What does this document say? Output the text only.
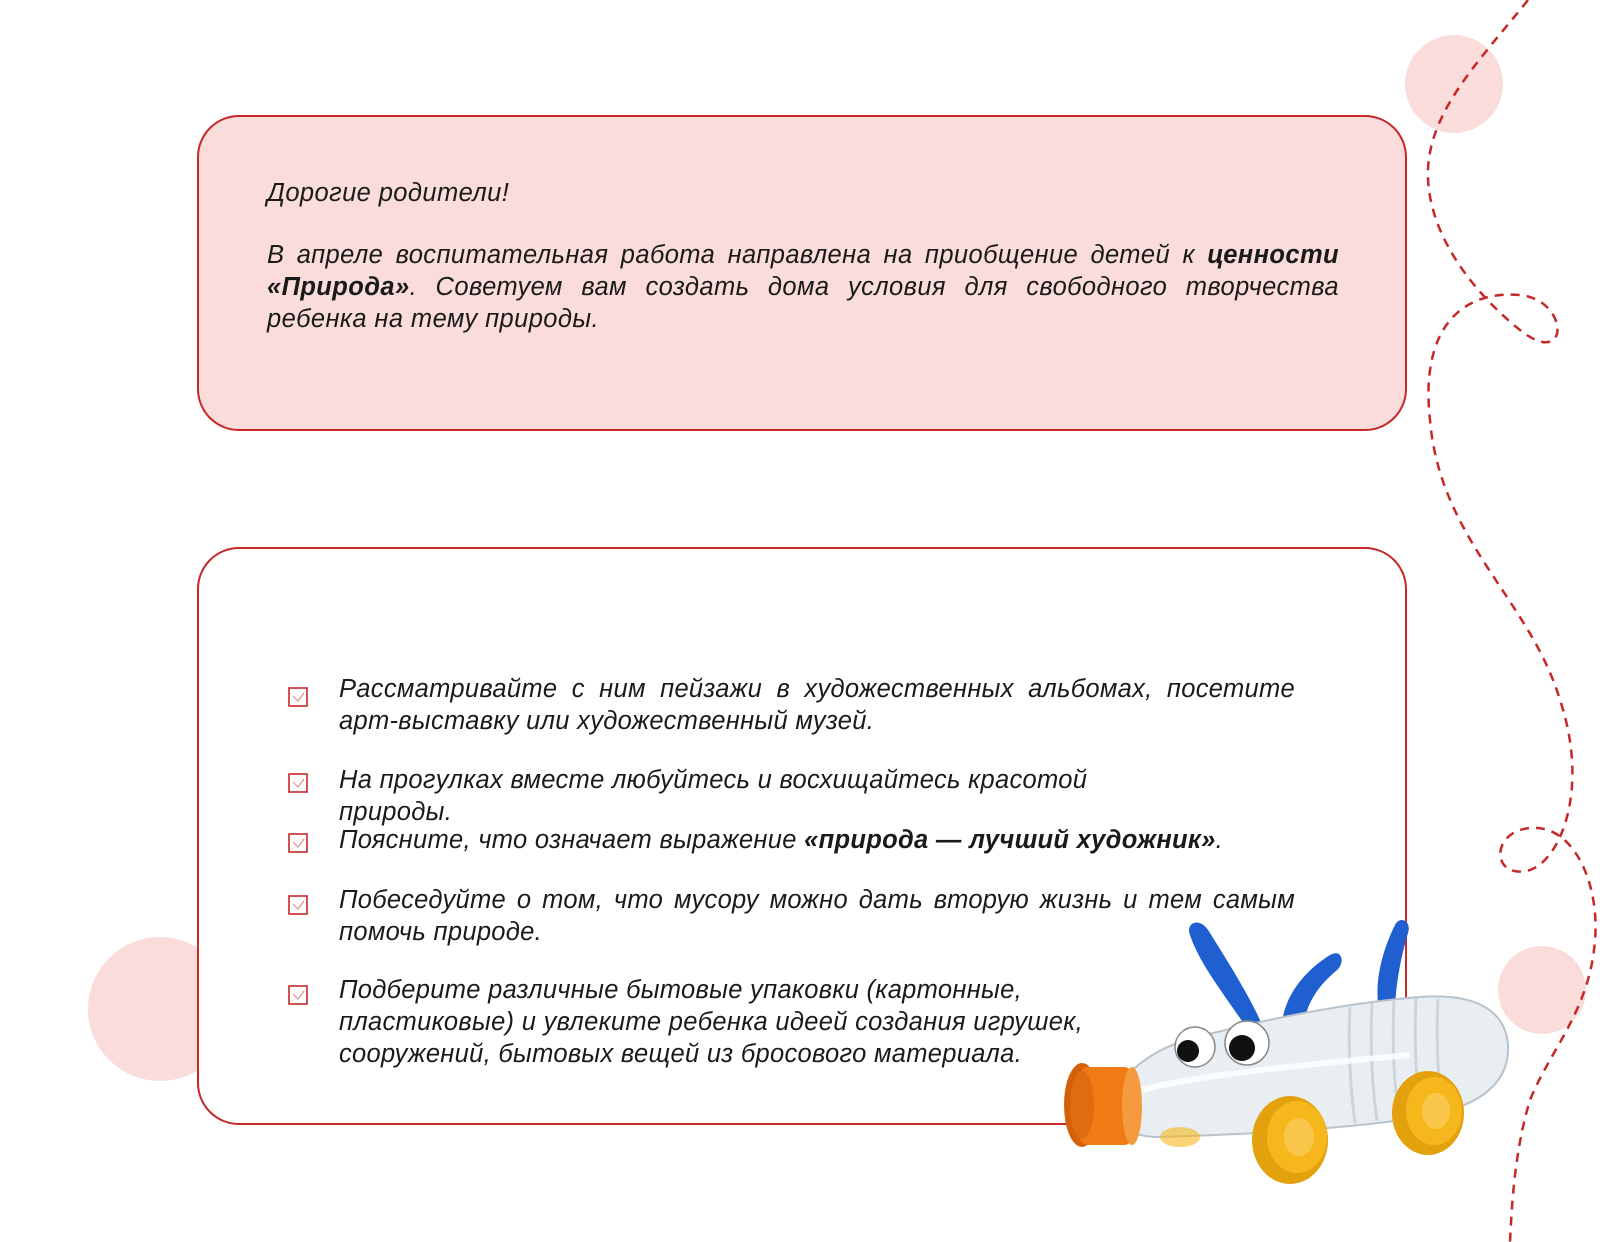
Дорогие родители!

В апреле воспитательная работа направлена на приобщение детей к ценности «Природа». Советуем вам создать дома условия для свободного творчества ребенка на тему природы.

Рассматривайте с ним пейзажи в художественных альбомах, посетите арт-выставку или художественный музей.

На прогулках вместе любуйтесь и восхищайтесь красотой природы.

Поясните, что означает выражение «природа — лучший художник».

Побеседуйте о том, что мусору можно дать вторую жизнь и тем самым помочь природе.

Подберите различные бытовые упаковки (картонные, пластиковые) и увлеките ребенка идеей создания игрушек, сооружений, бытовых вещей из бросового материала.
